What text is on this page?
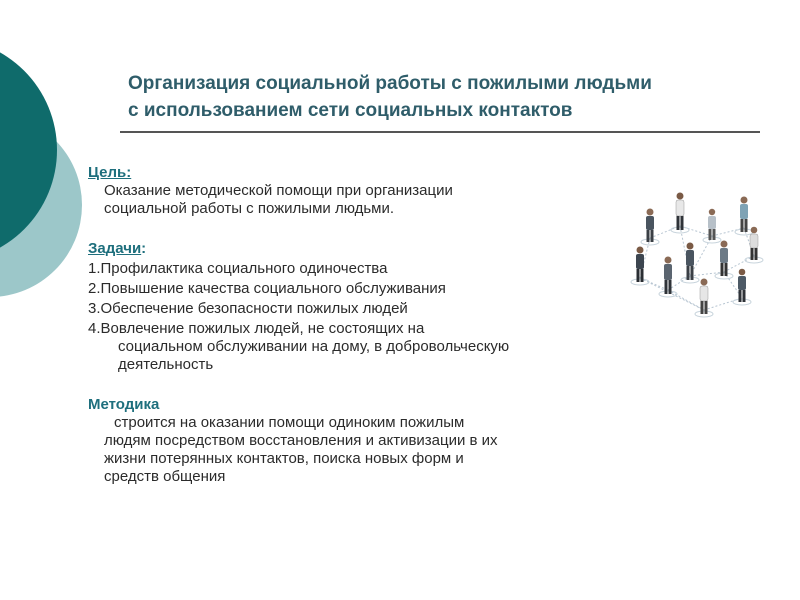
Организация социальной работы с пожилыми людьми
с использованием сети социальных контактов
Цель:

Оказание методической помощи при организации
социальной работы с пожилыми людьми.

Задачи:
1.Профилактика социального одиночества
2.Повышение качества социального обслуживания
3.Обеспечение безопасности пожилых людей
4.Вовлечение пожилых людей, не состоящих на
социальном обслуживании на дому, в добровольческую
деятельность
Методика

строится на оказании помощи одиноким пожилым
людям посредством восстановления и активизации в их
жизни потерянных контактов, поиска новых форм и
средств общения
